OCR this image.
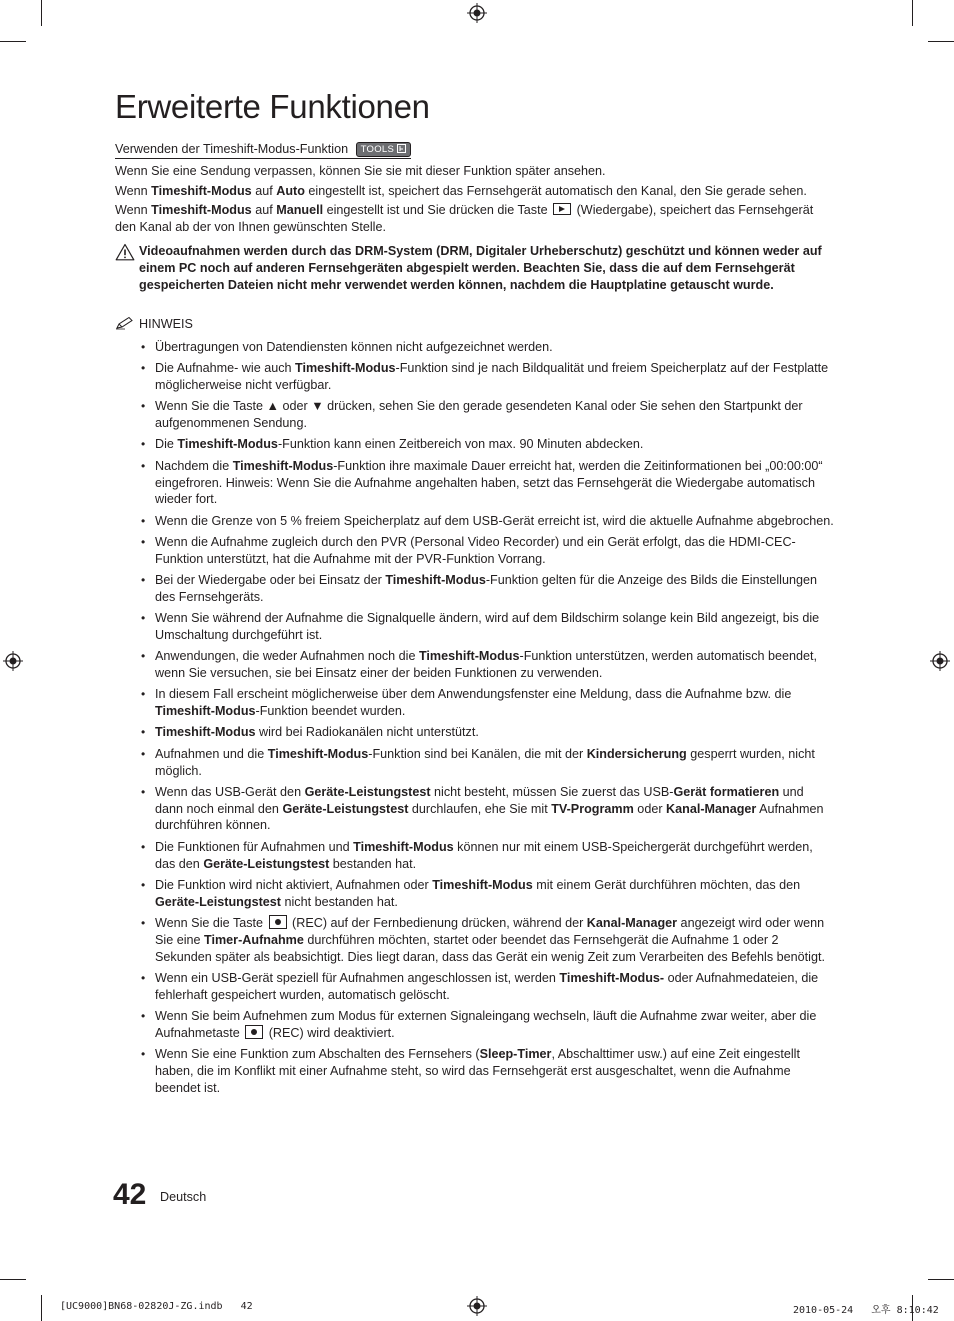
Erweiterte Funktionen
Verwenden der Timeshift-Modus-Funktion TOOLS

Wenn Sie eine Sendung verpassen, können Sie sie mit dieser Funktion später ansehen.

Wenn Timeshift-Modus auf Auto eingestellt ist, speichert das Fernsehgerät automatisch den Kanal, den Sie gerade sehen.

Wenn Timeshift-Modus auf Manuell eingestellt ist und Sie drücken die Taste  (Wiedergabe), speichert das Fernsehgerät den Kanal ab der von Ihnen gewünschten Stelle.

Videoaufnahmen werden durch das DRM-System (DRM, Digitaler Urheberschutz) geschützt und können weder auf einem PC noch auf anderen Fernsehgeräten abgespielt werden. Beachten Sie, dass die auf dem Fernsehgerät gespeicherten Dateien nicht mehr verwendet werden können, nachdem die Hauptplatine getauscht wurde.
HINWEIS
• Übertragungen von Datendiensten können nicht aufgezeichnet werden.
• Die Aufnahme- wie auch Timeshift-Modus-Funktion sind je nach Bildqualität und freiem Speicherplatz auf der Festplatte möglicherweise nicht verfügbar.
• Wenn Sie die Taste ▲ oder ▼ drücken, sehen Sie den gerade gesendeten Kanal oder Sie sehen den Startpunkt der aufgenommenen Sendung.
• Die Timeshift-Modus-Funktion kann einen Zeitbereich von max. 90 Minuten abdecken.
• Nachdem die Timeshift-Modus-Funktion ihre maximale Dauer erreicht hat, werden die Zeitinformationen bei „00:00:00“ eingefroren. Hinweis: Wenn Sie die Aufnahme angehalten haben, setzt das Fernsehgerät die Wiedergabe automatisch wieder fort.
• Wenn die Grenze von 5 % freiem Speicherplatz auf dem USB-Gerät erreicht ist, wird die aktuelle Aufnahme abgebrochen.
• Wenn die Aufnahme zugleich durch den PVR (Personal Video Recorder) und ein Gerät erfolgt, das die HDMI-CEC-Funktion unterstützt, hat die Aufnahme mit der PVR-Funktion Vorrang.
• Bei der Wiedergabe oder bei Einsatz der Timeshift-Modus-Funktion gelten für die Anzeige des Bilds die Einstellungen des Fernsehgeräts.
• Wenn Sie während der Aufnahme die Signalquelle ändern, wird auf dem Bildschirm solange kein Bild angezeigt, bis die Umschaltung durchgeführt ist.
• Anwendungen, die weder Aufnahmen noch die Timeshift-Modus-Funktion unterstützen, werden automatisch beendet, wenn Sie versuchen, sie bei Einsatz einer der beiden Funktionen zu verwenden.
• In diesem Fall erscheint möglicherweise über dem Anwendungsfenster eine Meldung, dass die Aufnahme bzw. die Timeshift-Modus-Funktion beendet wurden.
• Timeshift-Modus wird bei Radiokanälen nicht unterstützt.
• Aufnahmen und die Timeshift-Modus-Funktion sind bei Kanälen, die mit der Kindersicherung gesperrt wurden, nicht möglich.
• Wenn das USB-Gerät den Geräte-Leistungstest nicht besteht, müssen Sie zuerst das USB-Gerät formatieren und dann noch einmal den Geräte-Leistungstest durchlaufen, ehe Sie mit TV-Programm oder Kanal-Manager Aufnahmen durchführen können.
• Die Funktionen für Aufnahmen und Timeshift-Modus können nur mit einem USB-Speichergerät durchgeführt werden, das den Geräte-Leistungstest bestanden hat.
• Die Funktion wird nicht aktiviert, Aufnahmen oder Timeshift-Modus mit einem Gerät durchführen möchten, das den Geräte-Leistungstest nicht bestanden hat.
• Wenn Sie die Taste  (REC) auf der Fernbedienung drücken, während der Kanal-Manager angezeigt wird oder wenn Sie eine Timer-Aufnahme durchführen möchten, startet oder beendet das Fernsehgerät die Aufnahme 1 oder 2 Sekunden später als beabsichtigt. Dies liegt daran, dass das Gerät ein wenig Zeit zum Verarbeiten des Befehls benötigt.
• Wenn ein USB-Gerät speziell für Aufnahmen angeschlossen ist, werden Timeshift-Modus- oder Aufnahmedateien, die fehlerhaft gespeichert wurden, automatisch gelöscht.
• Wenn Sie beim Aufnehmen zum Modus für externen Signaleingang wechseln, läuft die Aufnahme zwar weiter, aber die Aufnahmetaste  (REC) wird deaktiviert.
• Wenn Sie eine Funktion zum Abschalten des Fernsehers (Sleep-Timer, Abschalttimer usw.) auf eine Zeit eingestellt haben, die im Konflikt mit einer Aufnahme steht, so wird das Fernsehgerät erst ausgeschaltet, wenn die Aufnahme beendet ist.
42 Deutsch
[UC9000]BN68-02820J-ZG.indb   42	2010-05-24   오후 8:10:42
